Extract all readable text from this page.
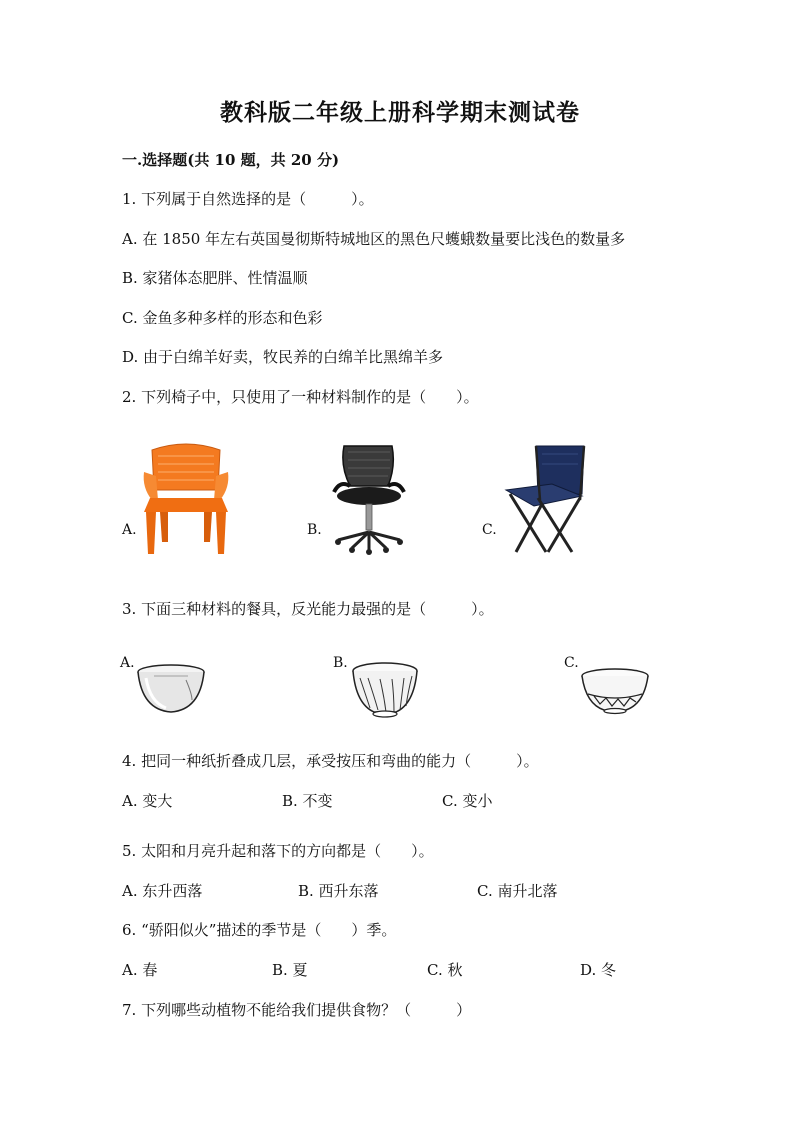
教科版二年级上册科学期末测试卷
一.选择题(共 10 题，共 20 分)
1. 下列属于自然选择的是（　　　）。
A. 在 1850 年左右英国曼彻斯特城地区的黑色尺蠖蛾数量要比浅色的数量多
B. 家猪体态肥胖、性情温顺
C. 金鱼多种多样的形态和色彩
D. 由于白绵羊好卖，牧民养的白绵羊比黑绵羊多
2. 下列椅子中，只使用了一种材料制作的是（　　）。
A.	B.	C.
3. 下面三种材料的餐具，反光能力最强的是（　　　）。
A.	B.	C.
4. 把同一种纸折叠成几层，承受按压和弯曲的能力（　　　）。
A. 变大	B. 不变	C. 变小
5. 太阳和月亮升起和落下的方向都是（　　）。
A. 东升西落	B. 西升东落	C. 南升北落
6. “骄阳似火”描述的季节是（　　）季。
A. 春	B. 夏	C. 秋	D. 冬
7. 下列哪些动植物不能给我们提供食物？（　　　）
